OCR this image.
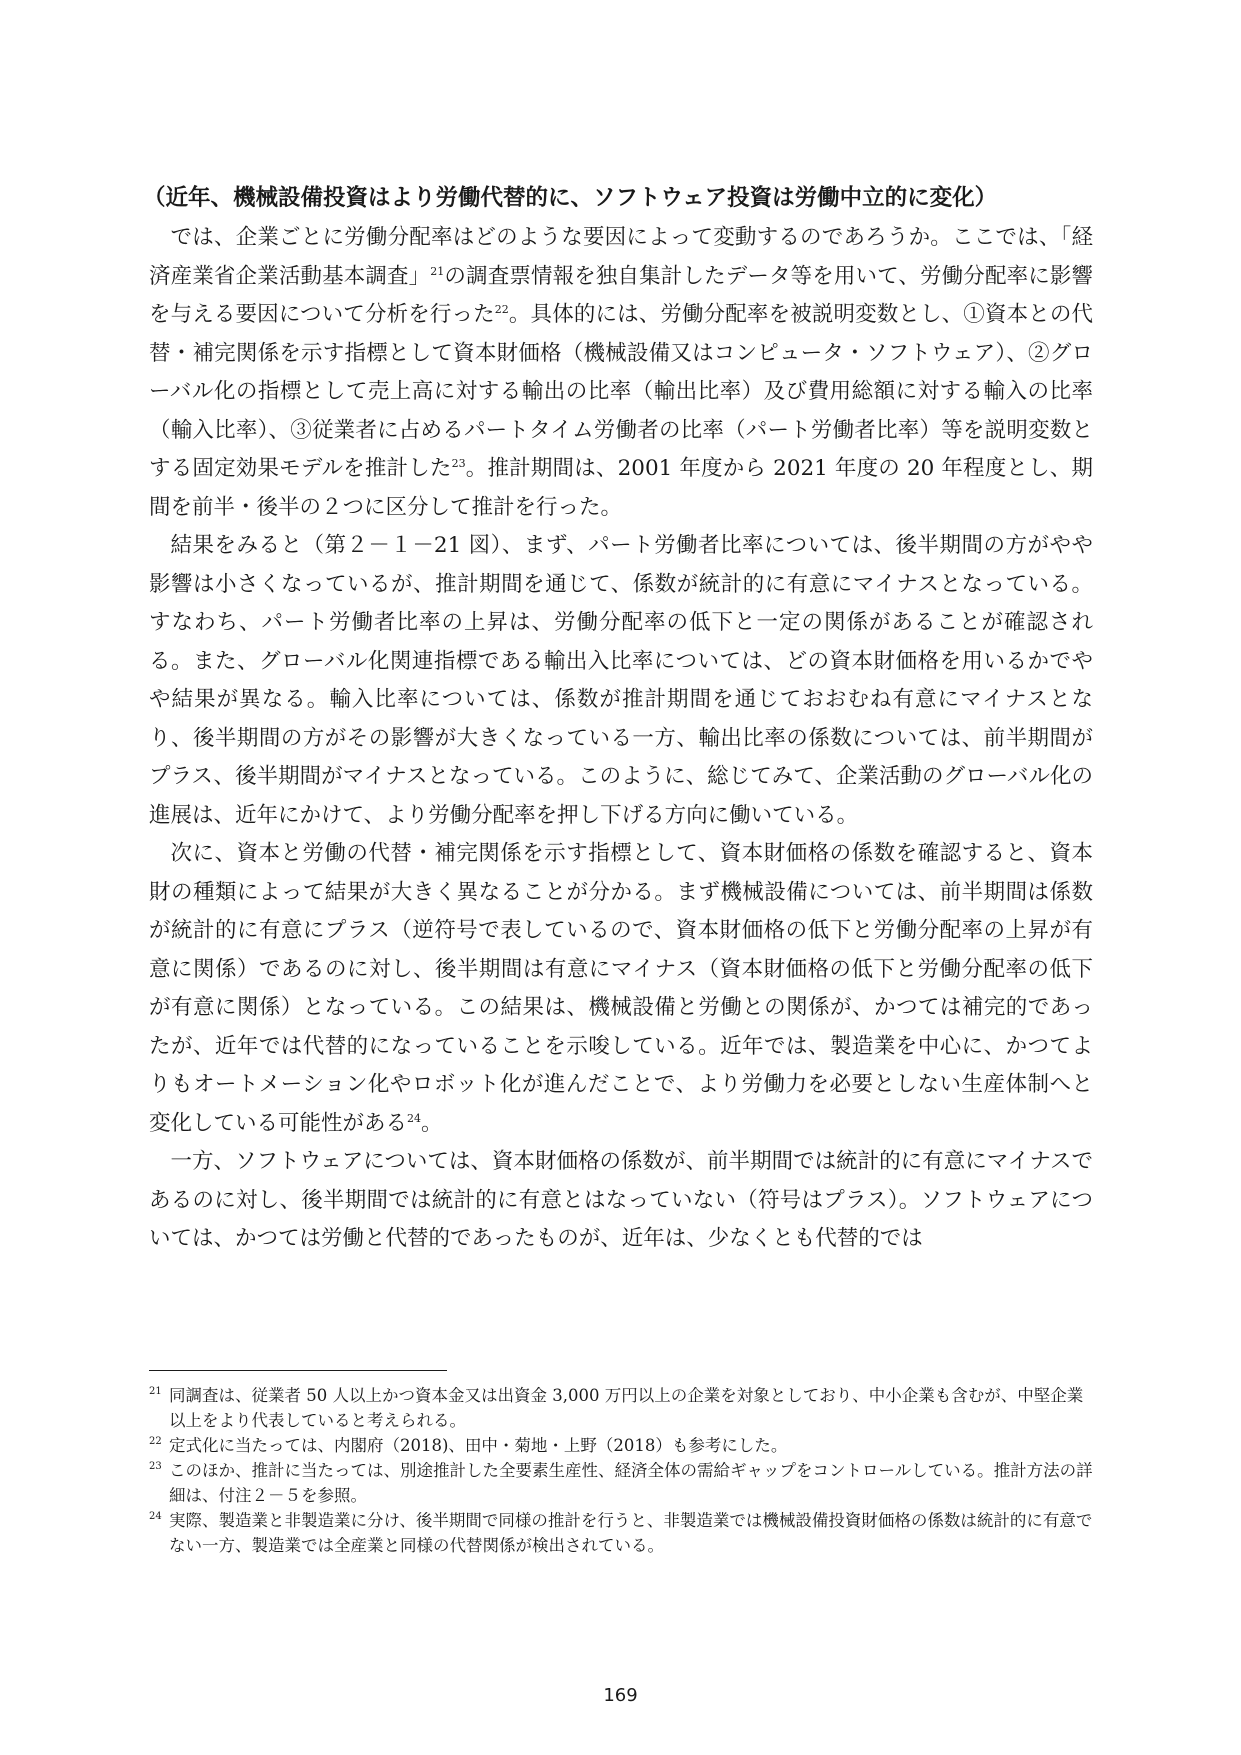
（近年、機械設備投資はより労働代替的に、ソフトウェア投資は労働中立的に変化）

では、企業ごとに労働分配率はどのような要因によって変動するのであろうか。ここでは、「経済産業省企業活動基本調査」$^{21}$の調査票情報を独自集計したデータ等を用いて、労働分配率に影響を与える要因について分析を行った$^{22}$。具体的には、労働分配率を被説明変数とし、①資本との代替・補完関係を示す指標として資本財価格（機械設備又はコンピュータ・ソフトウェア）、②グローバル化の指標として売上高に対する輸出の比率（輸出比率）及び費用総額に対する輸入の比率（輸入比率）、③従業者に占めるパートタイム労働者の比率（パート労働者比率）等を説明変数とする固定効果モデルを推計した$^{23}$。推計期間は、2001 年度から 2021 年度の 20 年程度とし、期間を前半・後半の２つに区分して推計を行った。

結果をみると（第２－１－21 図）、まず、パート労働者比率については、後半期間の方がやや影響は小さくなっているが、推計期間を通じて、係数が統計的に有意にマイナスとなっている。すなわち、パート労働者比率の上昇は、労働分配率の低下と一定の関係があることが確認される。また、グローバル化関連指標である輸出入比率については、どの資本財価格を用いるかでやや結果が異なる。輸入比率については、係数が推計期間を通じておおむね有意にマイナスとなり、後半期間の方がその影響が大きくなっている一方、輸出比率の係数については、前半期間がプラス、後半期間がマイナスとなっている。このように、総じてみて、企業活動のグローバル化の進展は、近年にかけて、より労働分配率を押し下げる方向に働いている。

次に、資本と労働の代替・補完関係を示す指標として、資本財価格の係数を確認すると、資本財の種類によって結果が大きく異なることが分かる。まず機械設備については、前半期間は係数が統計的に有意にプラス（逆符号で表しているので、資本財価格の低下と労働分配率の上昇が有意に関係）であるのに対し、後半期間は有意にマイナス（資本財価格の低下と労働分配率の低下が有意に関係）となっている。この結果は、機械設備と労働との関係が、かつては補完的であったが、近年では代替的になっていることを示唆している。近年では、製造業を中心に、かつてよりもオートメーション化やロボット化が進んだことで、より労働力を必要としない生産体制へと変化している可能性がある$^{24}$。

一方、ソフトウェアについては、資本財価格の係数が、前半期間では統計的に有意にマイナスであるのに対し、後半期間では統計的に有意とはなっていない（符号はプラス）。ソフトウェアについては、かつては労働と代替的であったものが、近年は、少なくとも代替的では

21 同調査は、従業者 50 人以上かつ資本金又は出資金 3,000 万円以上の企業を対象としており、中小企業も含むが、中堅企業以上をより代表していると考えられる。
22 定式化に当たっては、内閣府（2018)、田中・菊地・上野（2018）も参考にした。
23 このほか、推計に当たっては、別途推計した全要素生産性、経済全体の需給ギャップをコントロールしている。推計方法の詳細は、付注２－５を参照。
24 実際、製造業と非製造業に分け、後半期間で同様の推計を行うと、非製造業では機械設備投資財価格の係数は統計的に有意でない一方、製造業では全産業と同様の代替関係が検出されている。
169
